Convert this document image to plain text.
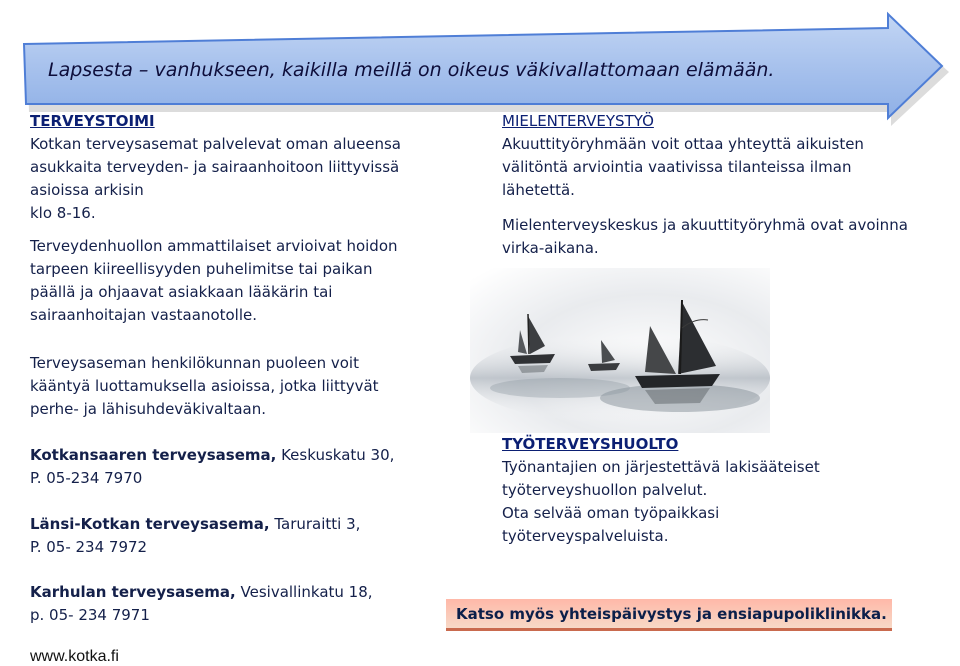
Lapsesta – vanhukseen, kaikilla meillä on oikeus väkivallattomaan elämään.

TERVEYSTOIMI

Kotkan terveysasemat palvelevat oman alueensa

asukkaita terveyden- ja sairaanhoitoon liittyvissä

asioissa arkisin

klo 8-16.

Terveydenhuollon ammattilaiset arvioivat hoidon

tarpeen kiireellisyyden puhelimitse tai paikan

päällä ja ohjaavat asiakkaan lääkärin tai

sairaanhoitajan vastaanotolle.

Terveysaseman henkilökunnan puoleen voit

kääntyä luottamuksella asioissa, jotka liittyvät

perhe- ja lähisuhdeväkivaltaan.

Kotkansaaren terveysasema, Keskuskatu 30,

P. 05-234 7970

Länsi-Kotkan terveysasema, Taruraitti 3,

P. 05- 234 7972

Karhulan terveysasema, Vesivallinkatu 18,

p. 05- 234 7971

www.kotka.fi

MIELENTERVEYSTYÖ

Akuuttityöryhmään voit ottaa yhteyttä aikuisten

välitöntä arviointia vaativissa tilanteissa ilman

lähetettä.

Mielenterveyskeskus ja akuuttityöryhmä ovat avoinna

virka-aikana.

TYÖTERVEYSHUOLTO

Työnantajien on järjestettävä lakisääteiset

työterveyshuollon palvelut.

Ota selvää oman työpaikkasi

työterveyspalveluista.

Katso myös yhteispäivystys ja ensiapupoliklinikka.
